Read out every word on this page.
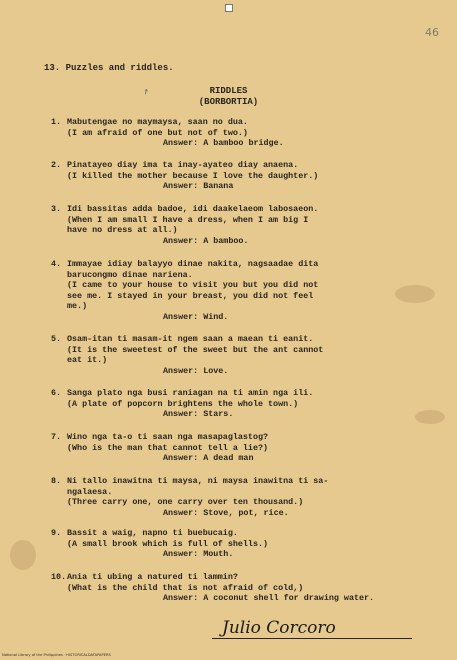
46
↗
13. Puzzles and riddles.
RIDDLES
(BORBORTIA)
1. Mabutengae no maymaysa, saan no dua.
(I am afraid of one but not of two.)
Answer: A bamboo bridge.
2. Pinatayeo diay ima ta inay-ayateo diay anaena.
(I killed the mother because I love the daughter.)
Answer: Banana
3. Idi bassitas adda badoe, idi daakelaeom labosaeon.
(When I am small I have a dress, when I am big I
have no dress at all.)
Answer: A bamboo.
4. Immayae idiay balayyo dinae nakita, nagsaadae dita
barucongmo dinae nariena.
(I came to your house to visit you but you did not
see me. I stayed in your breast, you did not feel
me.)
Answer: Wind.
5. Osam-itan ti masam-it ngem saan a maean ti eanit.
(It is the sweetest of the sweet but the ant cannot
eat it.)
Answer: Love.
6. Sanga plato nga busi raniagan na ti amin nga ili.
(A plate of popcorn brightens the whole town.)
Answer: Stars.
7. Wino nga ta-o ti saan nga masapaglastog?
(Who is the man that cannot tell a lie?)
Answer: A dead man
8. Ni tallo inawitna ti maysa, ni maysa inawitna ti sa-
ngalaesa.
(Three carry one, one carry over ten thousand.)
Answer: Stove, pot, rice.
9. Bassit a waig, napno ti buebucaig.
(A small brook which is full of shells.)
Answer: Mouth.
10. Ania ti ubing a natured ti lammin?
(What is the child that is not afraid of cold,)
Answer: A coconut shell for drawing water.
Julio Corcoro
National Library of the Philippines · HISTORICALDATAPAPERS
